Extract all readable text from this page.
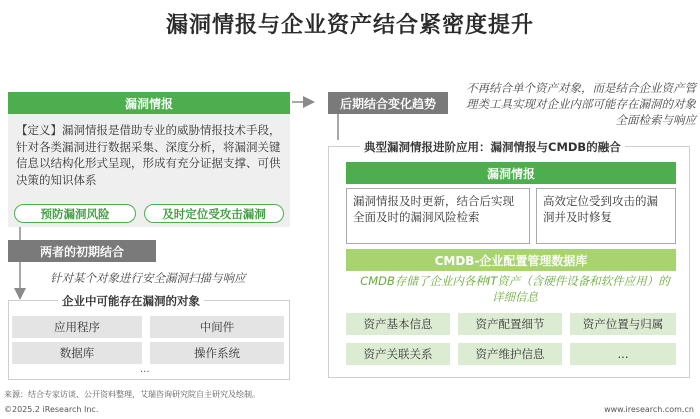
漏洞情报与企业资产结合紧密度提升
漏洞情报
【定义】漏洞情报是借助专业的威胁情报技术手段，针对各类漏洞进行数据采集、深度分析，将漏洞关键信息以结构化形式呈现，形成有充分证据支撑、可供决策的知识体系
预防漏洞风险	及时定位受攻击漏洞
两者的初期结合
针对某个对象进行安全漏洞扫描与响应
企业中可能存在漏洞的对象
应用程序	中间件
数据库	操作系统
...
后期结合变化趋势
不再结合单个资产对象，而是结合企业资产管理类工具实现对企业内部可能存在漏洞的对象全面检索与响应
典型漏洞情报进阶应用：漏洞情报与CMDB的融合
漏洞情报
漏洞情报及时更新，结合后实现全面及时的漏洞风险检索
高效定位受到攻击的漏洞并及时修复
CMDB-企业配置管理数据库
CMDB存储了企业内各种IT资产（含硬件设备和软件应用）的详细信息
资产基本信息	资产配置细节	资产位置与归属
资产关联关系	资产维护信息	...
来源：结合专家访谈、公开资料整理，艾瑞咨询研究院自主研究及绘制。
©2025.2 iResearch Inc.	www.iresearch.com.cn
